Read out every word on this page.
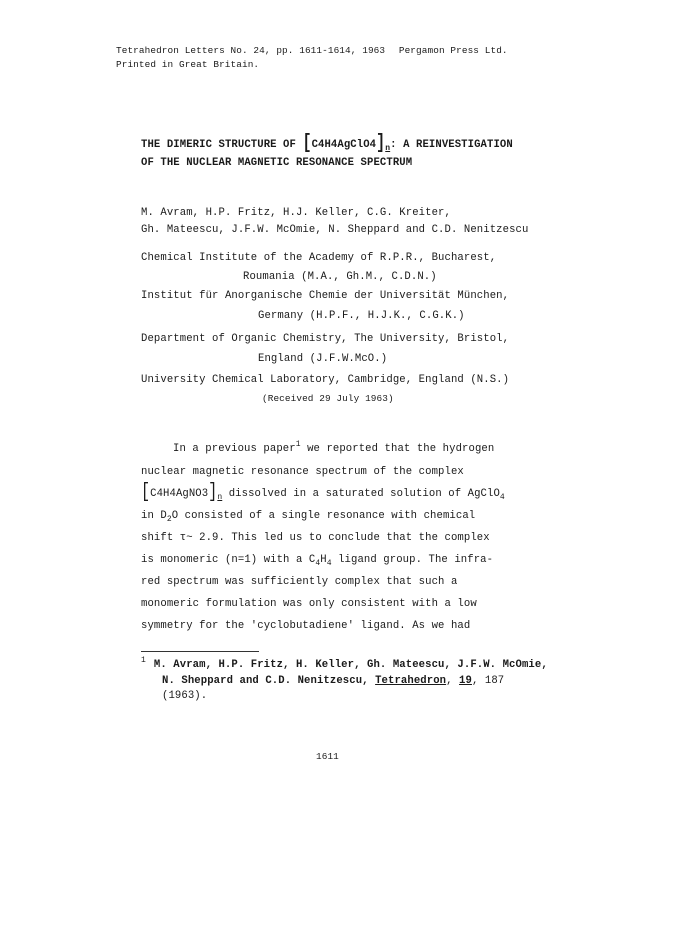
Tetrahedron Letters No. 24, pp. 1611-1614, 1963 Pergamon Press Ltd.
Printed in Great Britain.
THE DIMERIC STRUCTURE OF $[C4H4AgClO4]_n$: A REINVESTIGATION
OF THE NUCLEAR MAGNETIC RESONANCE SPECTRUM
M. Avram, H.P. Fritz, H.J. Keller, C.G. Kreiter,
Gh. Mateescu, J.F.W. McOmie, N. Sheppard and C.D. Nenitzescu
Chemical Institute of the Academy of R.P.R., Bucharest,
Roumania (M.A., Gh.M., C.D.N.)
Institut für Anorganische Chemie der Universität München,
Germany (H.P.F., H.J.K., C.G.K.)
Department of Organic Chemistry, The University, Bristol,
England (J.F.W.McO.)
University Chemical Laboratory, Cambridge, England (N.S.)
(Received 29 July 1963)
In a previous paper$^1$ we reported that the hydrogen
nuclear magnetic resonance spectrum of the complex
$[C4H4AgNO3]_n$ dissolved in a saturated solution of AgClO$_4$
in $D_2O$ consisted of a single resonance with chemical
shift τ~ 2.9. This led us to conclude that the complex
is monomeric (n=1) with a $C_4H_4$ ligand group. The infra-
red spectrum was sufficiently complex that such a
monomeric formulation was only consistent with a low
symmetry for the 'cyclobutadiene' ligand. As we had
$^1$ M. Avram, H.P. Fritz, H. Keller, Gh. Mateescu, J.F.W. McOmie,
N. Sheppard and C.D. Nenitzescu, Tetrahedron, 19, 187
(1963).
1611
